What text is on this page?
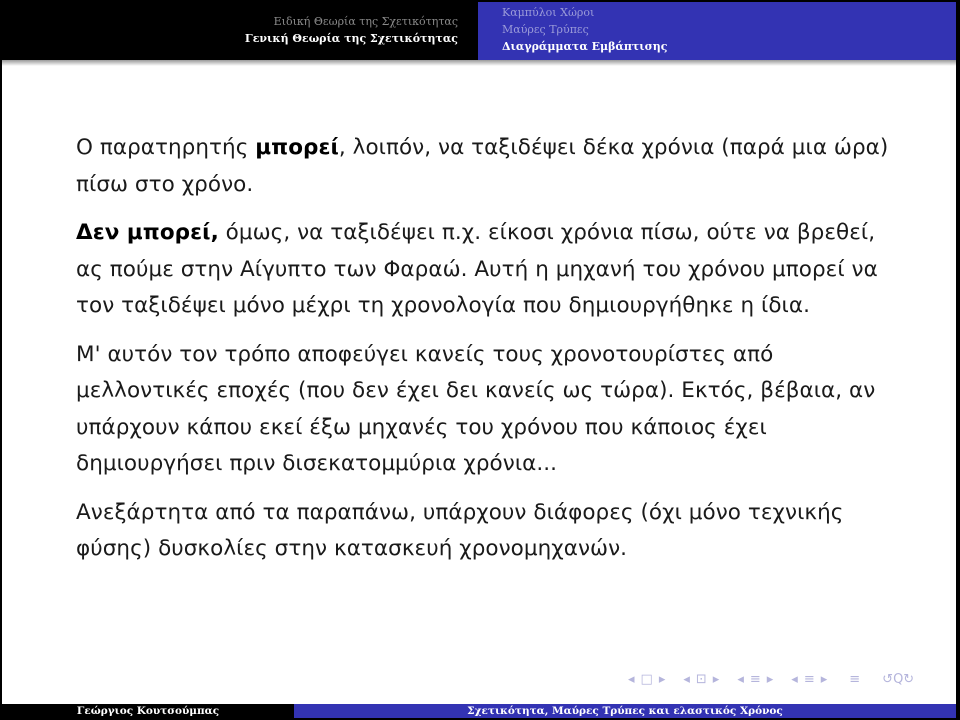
Ειδική Θεωρία της Σχετικότητας
Γενική Θεωρία της Σχετικότητας
Καμπύλοι Χώροι
Μαύρες Τρύπες
Διαγράμματα Εμβάπτισης

Ο παρατηρητής μπορεί, λοιπόν, να ταξιδέψει δέκα χρόνια (παρά μια ώρα) πίσω στο χρόνο.

Δεν μπορεί, όμως, να ταξιδέψει π.χ. είκοσι χρόνια πίσω, ούτε να βρεθεί, ας πούμε στην Αίγυπτο των Φαραώ. Αυτή η μηχανή του χρόνου μπορεί να τον ταξιδέψει μόνο μέχρι τη χρονολογία που δημιουργήθηκε η ίδια.

Μ' αυτόν τον τρόπο αποφεύγει κανείς τους χρονοτουρίστες από μελλοντικές εποχές (που δεν έχει δει κανείς ως τώρα). Εκτός, βέβαια, αν υπάρχουν κάπου εκεί έξω μηχανές του χρόνου που κάποιος έχει δημιουργήσει πριν δισεκατομμύρια χρόνια...

Ανεξάρτητα από τα παραπάνω, υπάρχουν διάφορες (όχι μόνο τεχνικής φύσης) δυσκολίες στην κατασκευή χρονομηχανών.

◂ □ ▸ ◂ ⊡ ▸ ◂ ≡ ▸ ◂ ≡ ▸ ≡ ↺Q↻
Γεώργιος Κουτσούμπας	Σχετικότητα, Μαύρες Τρύπες και ελαστικός Χρόνος
